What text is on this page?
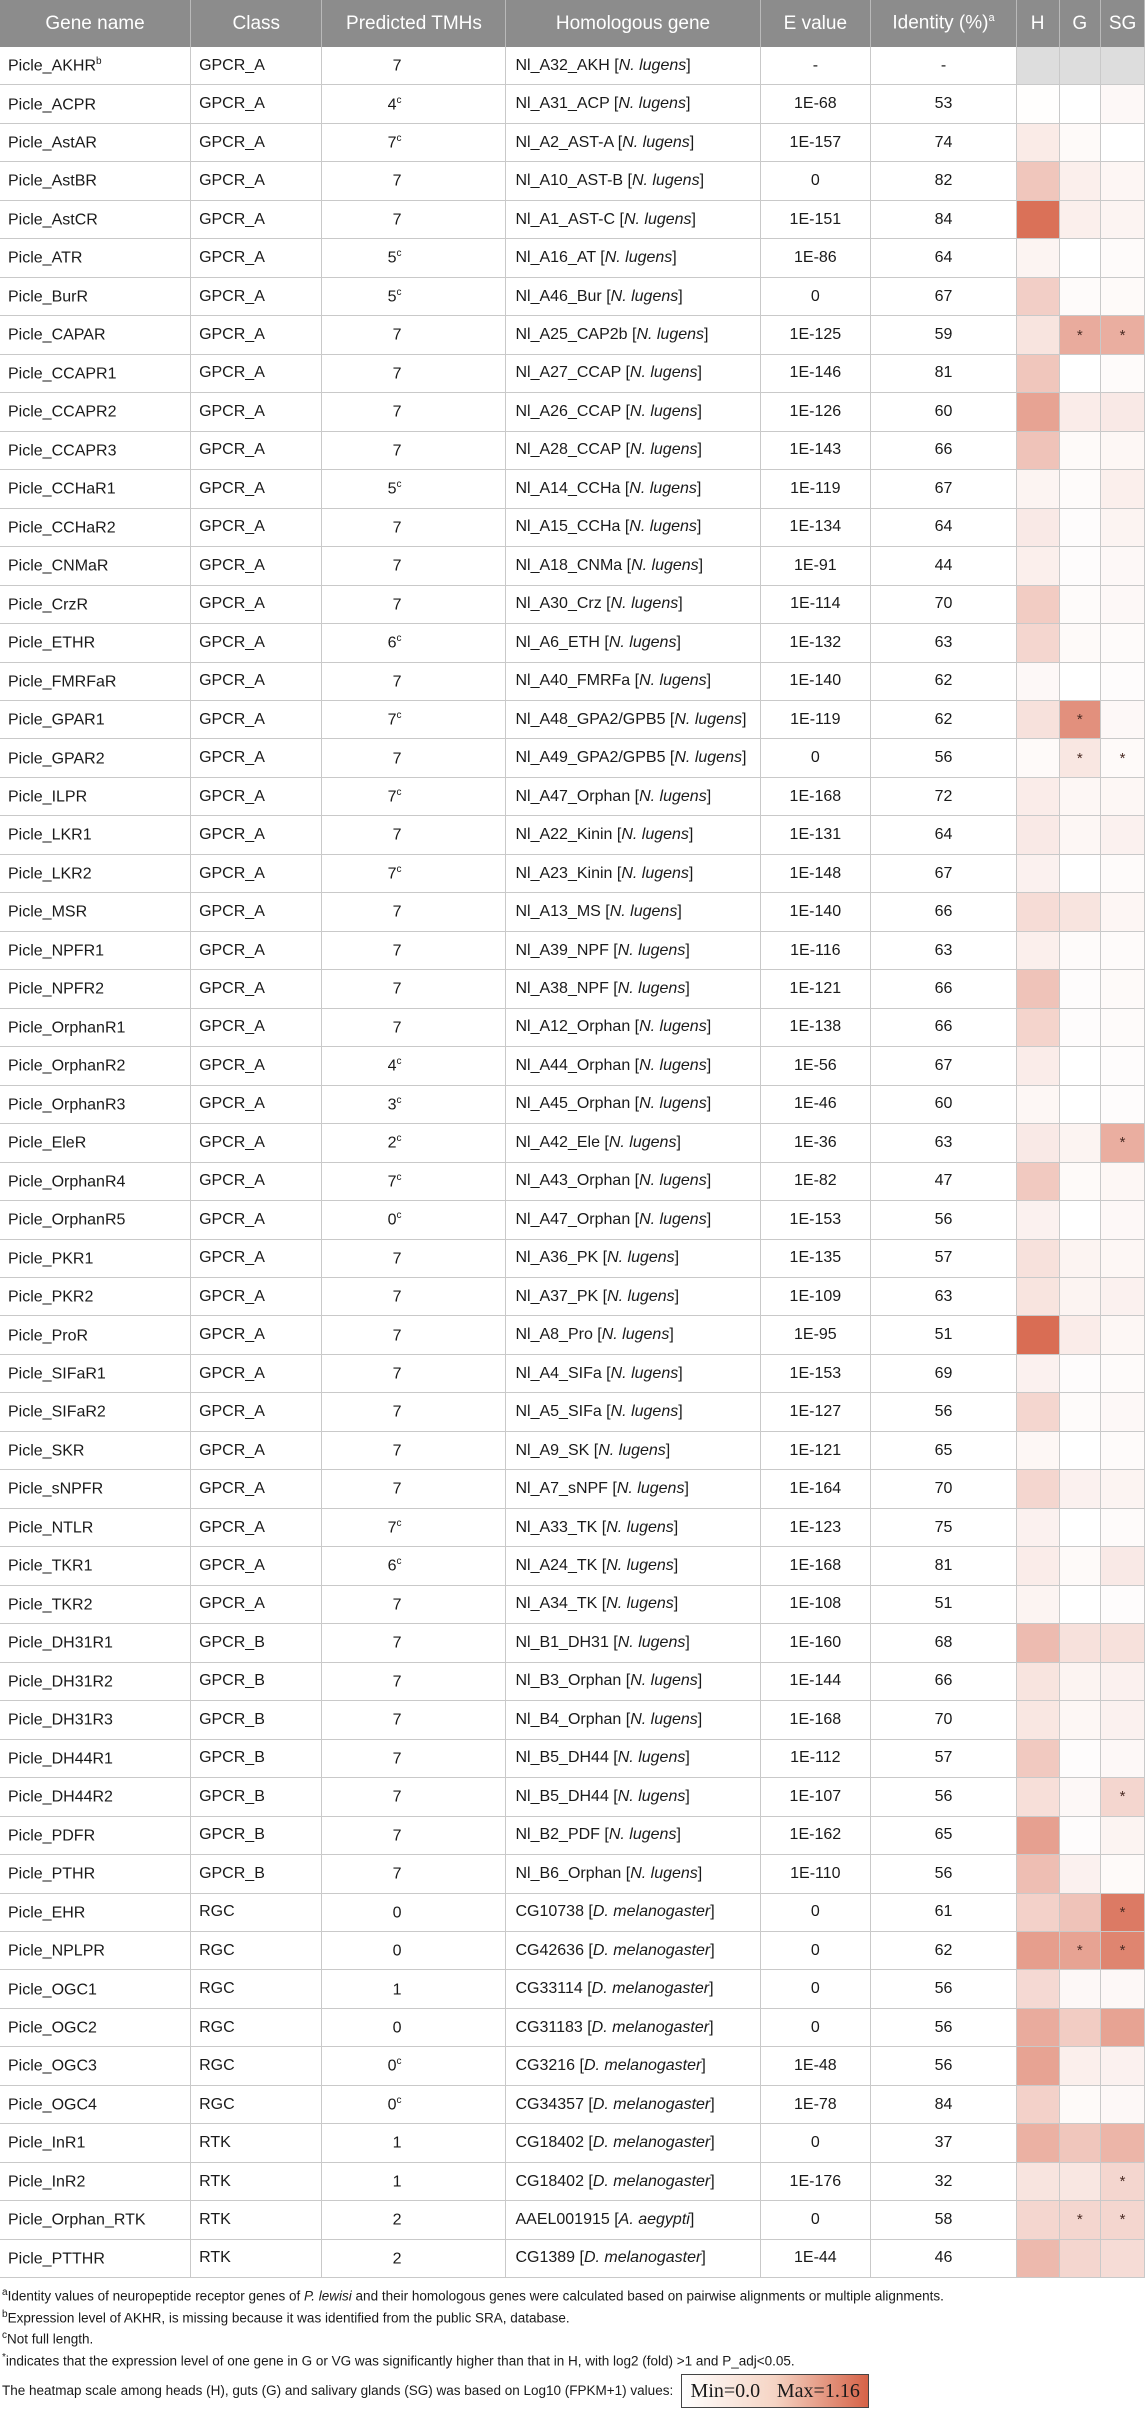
Gene name	Class	Predicted TMHs	Homologous gene	E value	Identity (%)$^a$	H	G	SG
Picle_AKHR$^b$	GPCR_A	7	Nl_A32_AKH [N. lugens]	-	-			
Picle_ACPR	GPCR_A	4$^c$	Nl_A31_ACP [N. lugens]	1E-68	53			
Picle_AstAR	GPCR_A	7$^c$	Nl_A2_AST-A [N. lugens]	1E-157	74			
Picle_AstBR	GPCR_A	7	Nl_A10_AST-B [N. lugens]	0	82			
Picle_AstCR	GPCR_A	7	Nl_A1_AST-C [N. lugens]	1E-151	84			
Picle_ATR	GPCR_A	5$^c$	Nl_A16_AT [N. lugens]	1E-86	64			
Picle_BurR	GPCR_A	5$^c$	Nl_A46_Bur [N. lugens]	0	67			
Picle_CAPAR	GPCR_A	7	Nl_A25_CAP2b [N. lugens]	1E-125	59		*	*
Picle_CCAPR1	GPCR_A	7	Nl_A27_CCAP [N. lugens]	1E-146	81			
Picle_CCAPR2	GPCR_A	7	Nl_A26_CCAP [N. lugens]	1E-126	60			
Picle_CCAPR3	GPCR_A	7	Nl_A28_CCAP [N. lugens]	1E-143	66			
Picle_CCHaR1	GPCR_A	5$^c$	Nl_A14_CCHa [N. lugens]	1E-119	67			
Picle_CCHaR2	GPCR_A	7	Nl_A15_CCHa [N. lugens]	1E-134	64			
Picle_CNMaR	GPCR_A	7	Nl_A18_CNMa [N. lugens]	1E-91	44			
Picle_CrzR	GPCR_A	7	Nl_A30_Crz [N. lugens]	1E-114	70			
Picle_ETHR	GPCR_A	6$^c$	Nl_A6_ETH [N. lugens]	1E-132	63			
Picle_FMRFaR	GPCR_A	7	Nl_A40_FMRFa [N. lugens]	1E-140	62			
Picle_GPAR1	GPCR_A	7$^c$	Nl_A48_GPA2/GPB5 [N. lugens]	1E-119	62		*	
Picle_GPAR2	GPCR_A	7	Nl_A49_GPA2/GPB5 [N. lugens]	0	56		*	*
Picle_ILPR	GPCR_A	7$^c$	Nl_A47_Orphan [N. lugens]	1E-168	72			
Picle_LKR1	GPCR_A	7	Nl_A22_Kinin [N. lugens]	1E-131	64			
Picle_LKR2	GPCR_A	7$^c$	Nl_A23_Kinin [N. lugens]	1E-148	67			
Picle_MSR	GPCR_A	7	Nl_A13_MS [N. lugens]	1E-140	66			
Picle_NPFR1	GPCR_A	7	Nl_A39_NPF [N. lugens]	1E-116	63			
Picle_NPFR2	GPCR_A	7	Nl_A38_NPF [N. lugens]	1E-121	66			
Picle_OrphanR1	GPCR_A	7	Nl_A12_Orphan [N. lugens]	1E-138	66			
Picle_OrphanR2	GPCR_A	4$^c$	Nl_A44_Orphan [N. lugens]	1E-56	67			
Picle_OrphanR3	GPCR_A	3$^c$	Nl_A45_Orphan [N. lugens]	1E-46	60			
Picle_EleR	GPCR_A	2$^c$	Nl_A42_Ele [N. lugens]	1E-36	63			*
Picle_OrphanR4	GPCR_A	7$^c$	Nl_A43_Orphan [N. lugens]	1E-82	47			
Picle_OrphanR5	GPCR_A	0$^c$	Nl_A47_Orphan [N. lugens]	1E-153	56			
Picle_PKR1	GPCR_A	7	Nl_A36_PK [N. lugens]	1E-135	57			
Picle_PKR2	GPCR_A	7	Nl_A37_PK [N. lugens]	1E-109	63			
Picle_ProR	GPCR_A	7	Nl_A8_Pro [N. lugens]	1E-95	51			
Picle_SIFaR1	GPCR_A	7	Nl_A4_SIFa [N. lugens]	1E-153	69			
Picle_SIFaR2	GPCR_A	7	Nl_A5_SIFa [N. lugens]	1E-127	56			
Picle_SKR	GPCR_A	7	Nl_A9_SK [N. lugens]	1E-121	65			
Picle_sNPFR	GPCR_A	7	Nl_A7_sNPF [N. lugens]	1E-164	70			
Picle_NTLR	GPCR_A	7$^c$	Nl_A33_TK [N. lugens]	1E-123	75			
Picle_TKR1	GPCR_A	6$^c$	Nl_A24_TK [N. lugens]	1E-168	81			
Picle_TKR2	GPCR_A	7	Nl_A34_TK [N. lugens]	1E-108	51			
Picle_DH31R1	GPCR_B	7	Nl_B1_DH31 [N. lugens]	1E-160	68			
Picle_DH31R2	GPCR_B	7	Nl_B3_Orphan [N. lugens]	1E-144	66			
Picle_DH31R3	GPCR_B	7	Nl_B4_Orphan [N. lugens]	1E-168	70			
Picle_DH44R1	GPCR_B	7	Nl_B5_DH44 [N. lugens]	1E-112	57			
Picle_DH44R2	GPCR_B	7	Nl_B5_DH44 [N. lugens]	1E-107	56			*
Picle_PDFR	GPCR_B	7	Nl_B2_PDF [N. lugens]	1E-162	65			
Picle_PTHR	GPCR_B	7	Nl_B6_Orphan [N. lugens]	1E-110	56			
Picle_EHR	RGC	0	CG10738 [D. melanogaster]	0	61			*
Picle_NPLPR	RGC	0	CG42636 [D. melanogaster]	0	62		*	*
Picle_OGC1	RGC	1	CG33114 [D. melanogaster]	0	56			
Picle_OGC2	RGC	0	CG31183 [D. melanogaster]	0	56			
Picle_OGC3	RGC	0$^c$	CG3216 [D. melanogaster]	1E-48	56			
Picle_OGC4	RGC	0$^c$	CG34357 [D. melanogaster]	1E-78	84			
Picle_InR1	RTK	1	CG18402 [D. melanogaster]	0	37			
Picle_InR2	RTK	1	CG18402 [D. melanogaster]	1E-176	32			*
Picle_Orphan_RTK	RTK	2	AAEL001915 [A. aegypti]	0	58		*	*
Picle_PTTHR	RTK	2	CG1389 [D. melanogaster]	1E-44	46			
$^a$Identity values of neuropeptide receptor genes of P. lewisi and their homologous genes were calculated based on pairwise alignments or multiple alignments.
$^b$Expression level of AKHR, is missing because it was identified from the public SRA, database.
$^c$Not full length.
*indicates that the expression level of one gene in G or VG was significantly higher than that in H, with log2 (fold) >1 and P_adj<0.05.
The heatmap scale among heads (H), guts (G) and salivary glands (SG) was based on Log10 (FPKM+1) values: Min=0.0 Max=1.16
